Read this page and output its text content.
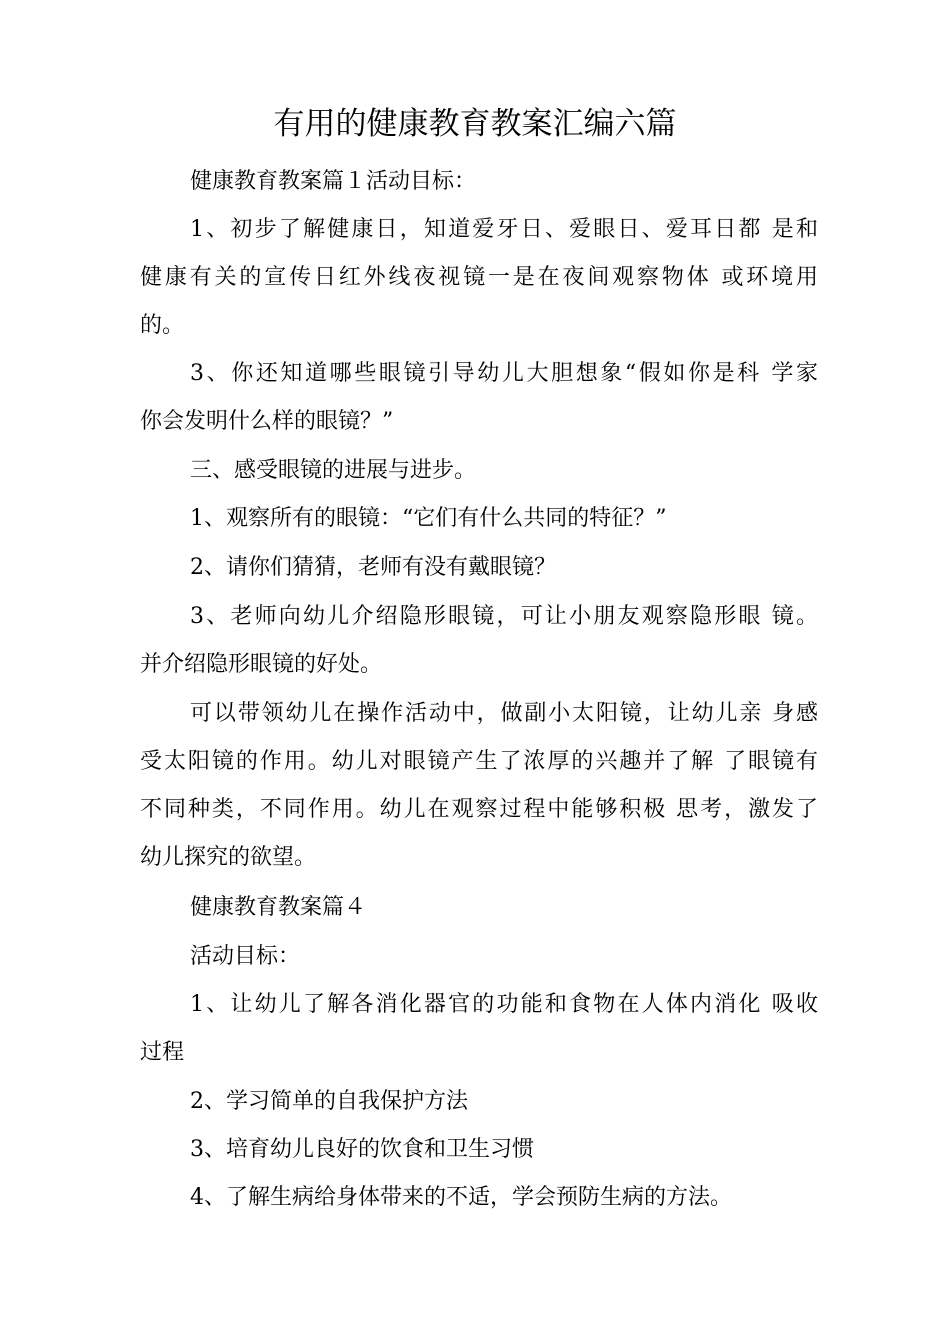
有用的健康教育教案汇编六篇
健康教育教案篇１活动目标：
1、初步了解健康日，知道爱牙日、爱眼日、爱耳日都 是和
健康有关的宣传日红外线夜视镜一是在夜间观察物体 或环境用
的。
3、你还知道哪些眼镜引导幼儿大胆想象“假如你是科 学家
你会发明什么样的眼镜？”
三、感受眼镜的进展与进步。
1、观察所有的眼镜：“它们有什么共同的特征？”
2、请你们猜猜，老师有没有戴眼镜？
3、老师向幼儿介绍隐形眼镜，可让小朋友观察隐形眼 镜。
并介绍隐形眼镜的好处。
可以带领幼儿在操作活动中，做副小太阳镜，让幼儿亲 身感
受太阳镜的作用。幼儿对眼镜产生了浓厚的兴趣并了解 了眼镜有
不同种类，不同作用。幼儿在观察过程中能够积极 思考，激发了
幼儿探究的欲望。
健康教育教案篇４
活动目标：
1、让幼儿了解各消化器官的功能和食物在人体内消化 吸收
过程
2、学习简单的自我保护方法
3、培育幼儿良好的饮食和卫生习惯
4、了解生病给身体带来的不适，学会预防生病的方法。
